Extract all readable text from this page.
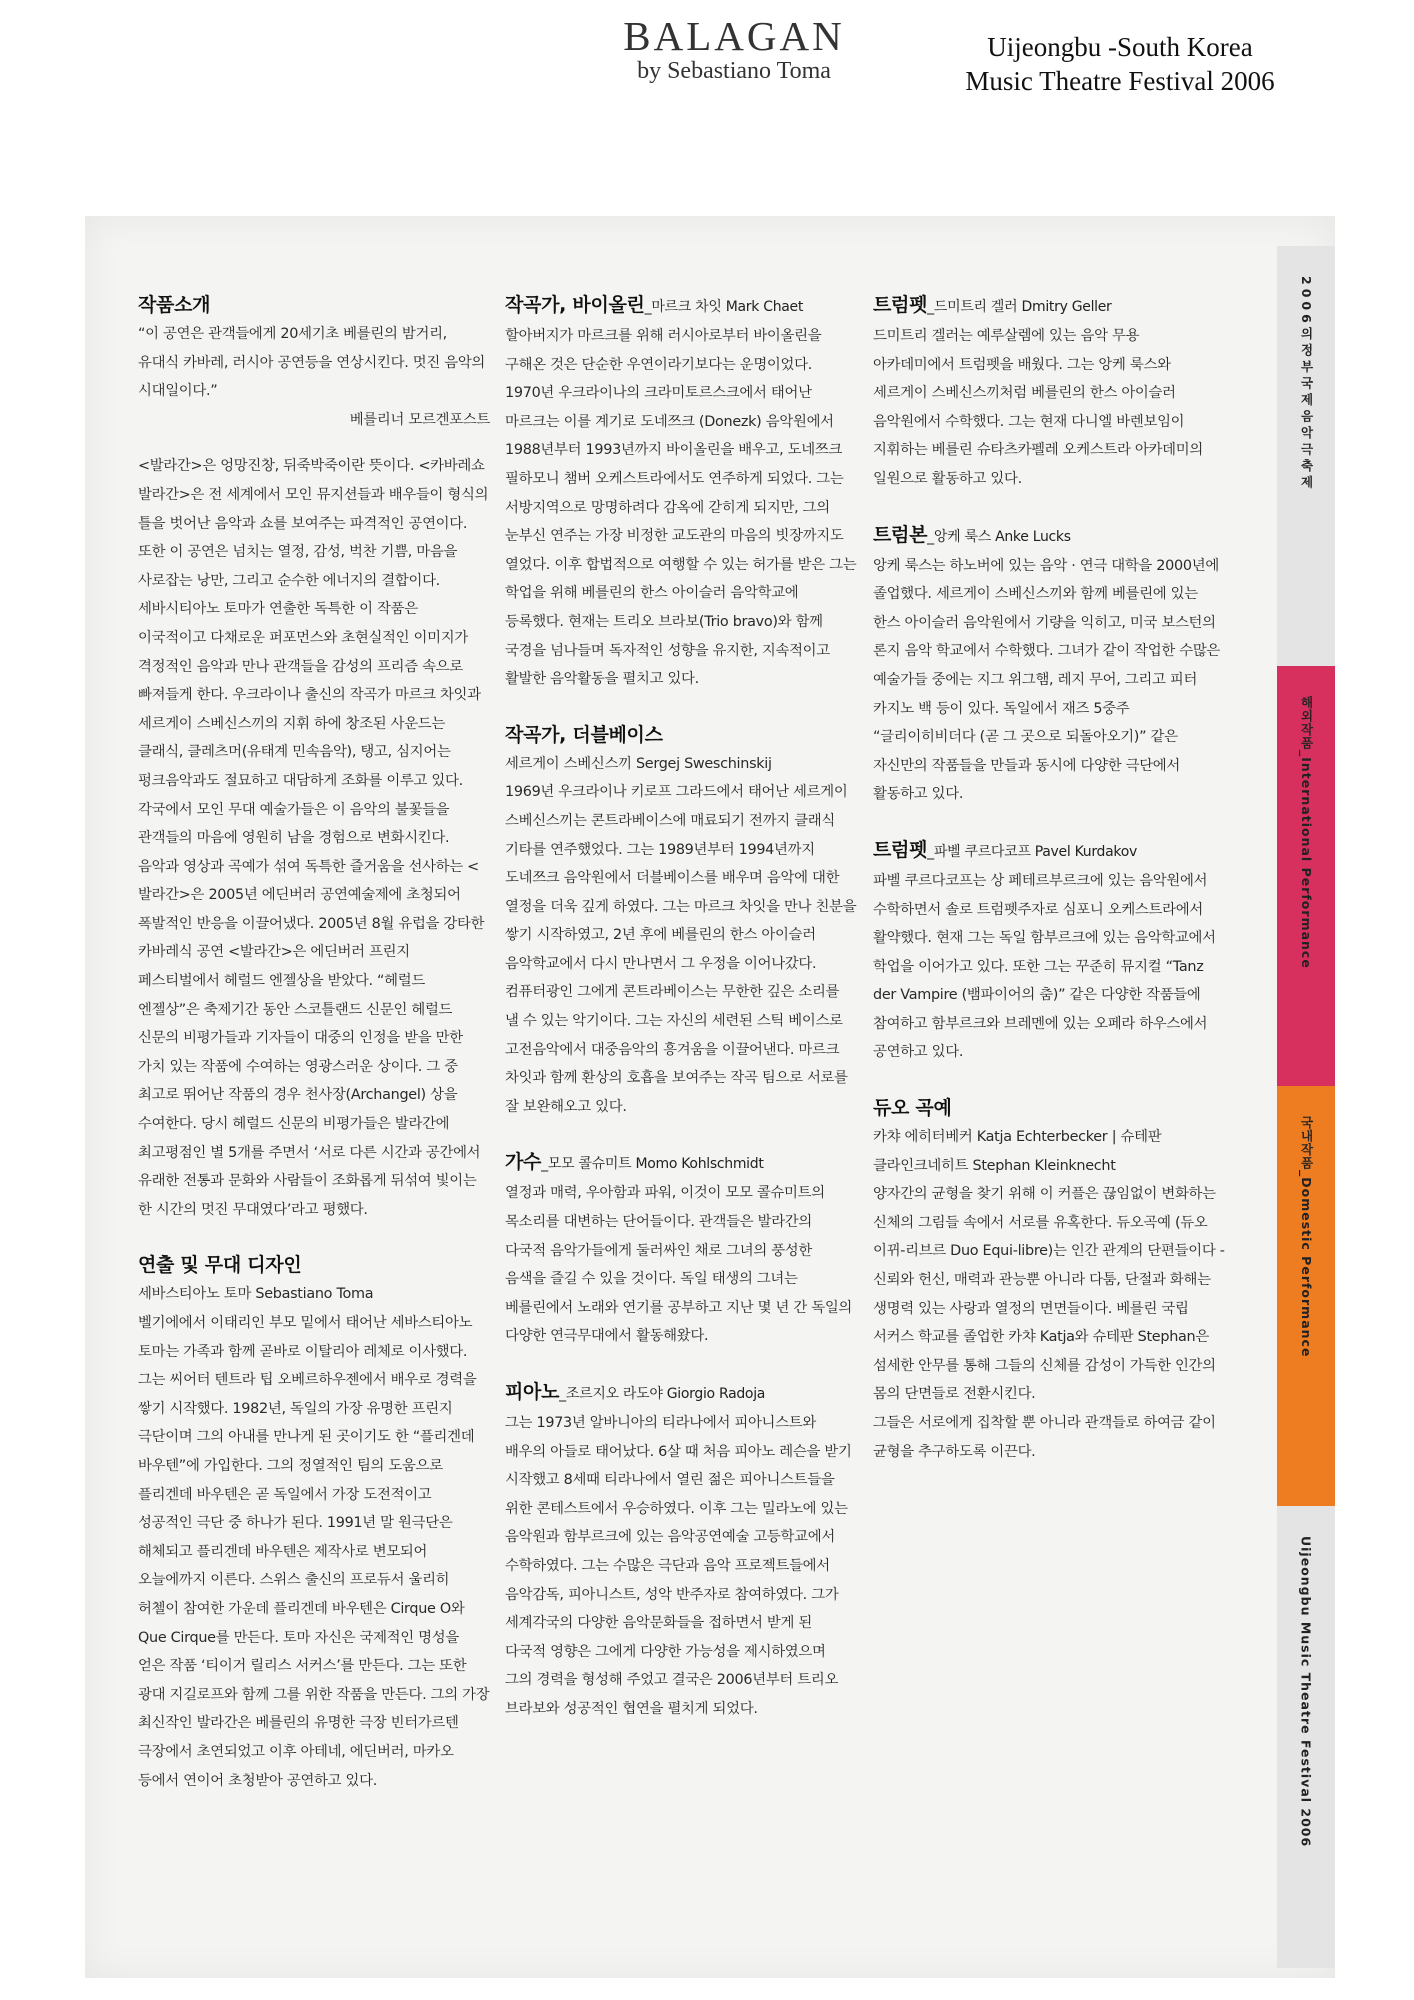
BALAGAN
by Sebastiano Toma
Uijeongbu -South Korea
Music Theatre Festival 2006

작품소개

“이 공연은 관객들에게 20세기초 베를린의 밤거리, 유대식 카바레, 러시아 공연등을 연상시킨다. 멋진 음악의 시대일이다.”

베를리너 모르겐포스트

<발라간>은 엉망진창, 뒤죽박죽이란 뜻이다. <카바레쇼 발라간>은 전 세계에서 모인 뮤지션들과 배우들이 형식의 틀을 벗어난 음악과 쇼를 보여주는 파격적인 공연이다. 또한 이 공연은 넘치는 열정, 감성, 벅찬 기쁨, 마음을 사로잡는 낭만, 그리고 순수한 에너지의 결합이다. 세바시티아노 토마가 연출한 독특한 이 작품은 이국적이고 다채로운 퍼포먼스와 초현실적인 이미지가 격정적인 음악과 만나 관객들을 감성의 프리즘 속으로 빠져들게 한다. 우크라이나 출신의 작곡가 마르크 차잇과 세르게이 스베신스끼의 지휘 하에 창조된 사운드는 클래식, 클레츠머(유태계 민속음악), 탱고, 심지어는 펑크음악과도 절묘하고 대담하게 조화를 이루고 있다. 각국에서 모인 무대 예술가들은 이 음악의 불꽃들을 관객들의 마음에 영원히 남을 경험으로 변화시킨다. 음악과 영상과 곡예가 섞여 독특한 즐거움을 선사하는 <발라간>은 2005년 에딘버러 공연예술제에 초청되어 폭발적인 반응을 이끌어냈다. 2005년 8월 유럽을 강타한 카바레식 공연 <발라간>은 에딘버러 프린지 페스티벌에서 헤럴드 엔젤상을 받았다. “헤럴드 엔젤상”은 축제기간 동안 스코틀랜드 신문인 헤럴드 신문의 비평가들과 기자들이 대중의 인정을 받을 만한 가치 있는 작품에 수여하는 영광스러운 상이다. 그 중 최고로 뛰어난 작품의 경우 천사장(Archangel) 상을 수여한다. 당시 헤럴드 신문의 비평가들은 발라간에 최고평점인 별 5개를 주면서 ‘서로 다른 시간과 공간에서 유래한 전통과 문화와 사람들이 조화롭게 뒤섞여 빛이는 한 시간의 멋진 무대였다’라고 평했다.

연출 및 무대 디자인

세바스티아노 토마 Sebastiano Toma

벨기에에서 이태리인 부모 밑에서 태어난 세바스티아노 토마는 가족과 함께 곧바로 이탈리아 레체로 이사했다. 그는 씨어터 텐트라 팁 오베르하우젠에서 배우로 경력을 쌓기 시작했다. 1982년, 독일의 가장 유명한 프린지 극단이며 그의 아내를 만나게 된 곳이기도 한 “플리겐데 바우텐”에 가입한다. 그의 정열적인 팀의 도움으로 플리겐데 바우텐은 곧 독일에서 가장 도전적이고 성공적인 극단 중 하나가 된다. 1991년 말 원극단은 해체되고 플리겐데 바우텐은 제작사로 변모되어 오늘에까지 이른다. 스위스 출신의 프로듀서 울리히 허첼이 참여한 가운데 플리겐데 바우텐은 Cirque O와 Que Cirque를 만든다. 토마 자신은 국제적인 명성을 얻은 작품 ‘티이거 릴리스 서커스’를 만든다. 그는 또한 광대 지길로프와 함께 그를 위한 작품을 만든다. 그의 가장 최신작인 발라간은 베를린의 유명한 극장 빈터가르텐 극장에서 초연되었고 이후 아테네, 에딘버러, 마카오 등에서 연이어 초청받아 공연하고 있다.

작곡가, 바이올린_마르크 차잇 Mark Chaet

할아버지가 마르크를 위해 러시아로부터 바이올린을 구해온 것은 단순한 우연이라기보다는 운명이었다. 1970년 우크라이나의 크라미토르스크에서 태어난 마르크는 이를 계기로 도네쯔크 (Donezk) 음악원에서 1988년부터 1993년까지 바이올린을 배우고, 도네쯔크 필하모니 챔버 오케스트라에서도 연주하게 되었다. 그는 서방지역으로 망명하려다 감옥에 갇히게 되지만, 그의 눈부신 연주는 가장 비정한 교도관의 마음의 빗장까지도 열었다. 이후 합법적으로 여행할 수 있는 허가를 받은 그는 학업을 위해 베를린의 한스 아이슬러 음악학교에 등록했다. 현재는 트리오 브라보(Trio bravo)와 함께 국경을 넘나들며 독자적인 성향을 유지한, 지속적이고 활발한 음악활동을 펼치고 있다.

작곡가, 더블베이스

세르게이 스베신스끼 Sergej Sweschinskij

1969년 우크라이나 키로프 그라드에서 태어난 세르게이 스베신스끼는 콘트라베이스에 매료되기 전까지 클래식 기타를 연주했었다. 그는 1989년부터 1994년까지 도네쯔크 음악원에서 더블베이스를 배우며 음악에 대한 열정을 더욱 깊게 하였다. 그는 마르크 차잇을 만나 친분을 쌓기 시작하였고, 2년 후에 베를린의 한스 아이슬러 음악학교에서 다시 만나면서 그 우정을 이어나갔다. 컴퓨터광인 그에게 콘트라베이스는 무한한 깊은 소리를 낼 수 있는 악기이다. 그는 자신의 세련된 스틱 베이스로 고전음악에서 대중음악의 흥겨움을 이끌어낸다. 마르크 차잇과 함께 환상의 호흡을 보여주는 작곡 팀으로 서로를 잘 보완해오고 있다.

가수_모모 콜슈미트 Momo Kohlschmidt

열정과 매력, 우아함과 파워, 이것이 모모 콜슈미트의 목소리를 대변하는 단어들이다. 관객들은 발라간의 다국적 음악가들에게 둘러싸인 채로 그녀의 풍성한 음색을 즐길 수 있을 것이다. 독일 태생의 그녀는 베를린에서 노래와 연기를 공부하고 지난 몇 년 간 독일의 다양한 연극무대에서 활동해왔다.

피아노_조르지오 라도야 Giorgio Radoja

그는 1973년 알바니아의 티라나에서 피아니스트와 배우의 아들로 태어났다. 6살 때 처음 피아노 레슨을 받기 시작했고 8세때 티라나에서 열린 젊은 피아니스트들을 위한 콘테스트에서 우승하였다. 이후 그는 밀라노에 있는 음악원과 함부르크에 있는 음악공연예술 고등학교에서 수학하였다. 그는 수많은 극단과 음악 프로젝트들에서 음악감독, 피아니스트, 성악 반주자로 참여하였다. 그가 세계각국의 다양한 음악문화들을 접하면서 받게 된 다국적 영향은 그에게 다양한 가능성을 제시하였으며 그의 경력을 형성해 주었고 결국은 2006년부터 트리오 브라보와 성공적인 협연을 펼치게 되었다.

트럼펫_드미트리 겔러 Dmitry Geller

드미트리 겔러는 예루살렘에 있는 음악 무용 아카데미에서 트럼펫을 배웠다. 그는 앙케 룩스와 세르게이 스베신스끼처럼 베를린의 한스 아이슬러 음악원에서 수학했다. 그는 현재 다니엘 바렌보임이 지휘하는 베를린 슈타츠카펠레 오케스트라 아카데미의 일원으로 활동하고 있다.

트럼본_앙케 룩스 Anke Lucks

앙케 룩스는 하노버에 있는 음악 · 연극 대학을 2000년에 졸업했다. 세르게이 스베신스끼와 함께 베를린에 있는 한스 아이슬러 음악원에서 기량을 익히고, 미국 보스턴의 론지 음악 학교에서 수학했다. 그녀가 같이 작업한 수많은 예술가들 중에는 지그 위그햄, 레지 무어, 그리고 피터 카지노 백 등이 있다. 독일에서 재즈 5중주 “글리이히비더다 (곧 그 곳으로 되돌아오기)” 같은 자신만의 작품들을 만들과 동시에 다양한 극단에서 활동하고 있다.

트럼펫_파벨 쿠르다코프 Pavel Kurdakov

파벨 쿠르다코프는 상 페테르부르크에 있는 음악원에서 수학하면서 솔로 트럼펫주자로 심포니 오케스트라에서 활약했다. 현재 그는 독일 함부르크에 있는 음악학교에서 학업을 이어가고 있다. 또한 그는 꾸준히 뮤지컬 “Tanz der Vampire (뱀파이어의 춤)” 같은 다양한 작품들에 참여하고 함부르크와 브레멘에 있는 오페라 하우스에서 공연하고 있다.

듀오 곡예

카챠 에히터베커 Katja Echterbecker | 슈테판 클라인크네히트 Stephan Kleinknecht

양자간의 균형을 찾기 위해 이 커플은 끊임없이 변화하는 신체의 그림들 속에서 서로를 유혹한다. 듀오곡예 (듀오 이뀌-리브르 Duo Equi-libre)는 인간 관계의 단편들이다 - 신뢰와 헌신, 매력과 관능뿐 아니라 다툼, 단절과 화해는 생명력 있는 사랑과 열정의 면면들이다. 베를린 국립 서커스 학교를 졸업한 카챠 Katja와 슈테판 Stephan은 섬세한 안무를 통해 그들의 신체를 감성이 가득한 인간의 몸의 단면들로 전환시킨다.

그들은 서로에게 집착할 뿐 아니라 관객들로 하여금 같이 균형을 추구하도록 이끈다.

2006의정부국제음악극축제
해외작품_International Performance
국내작품_Domestic Performance
Uijeongbu Music Theatre Festival 2006
